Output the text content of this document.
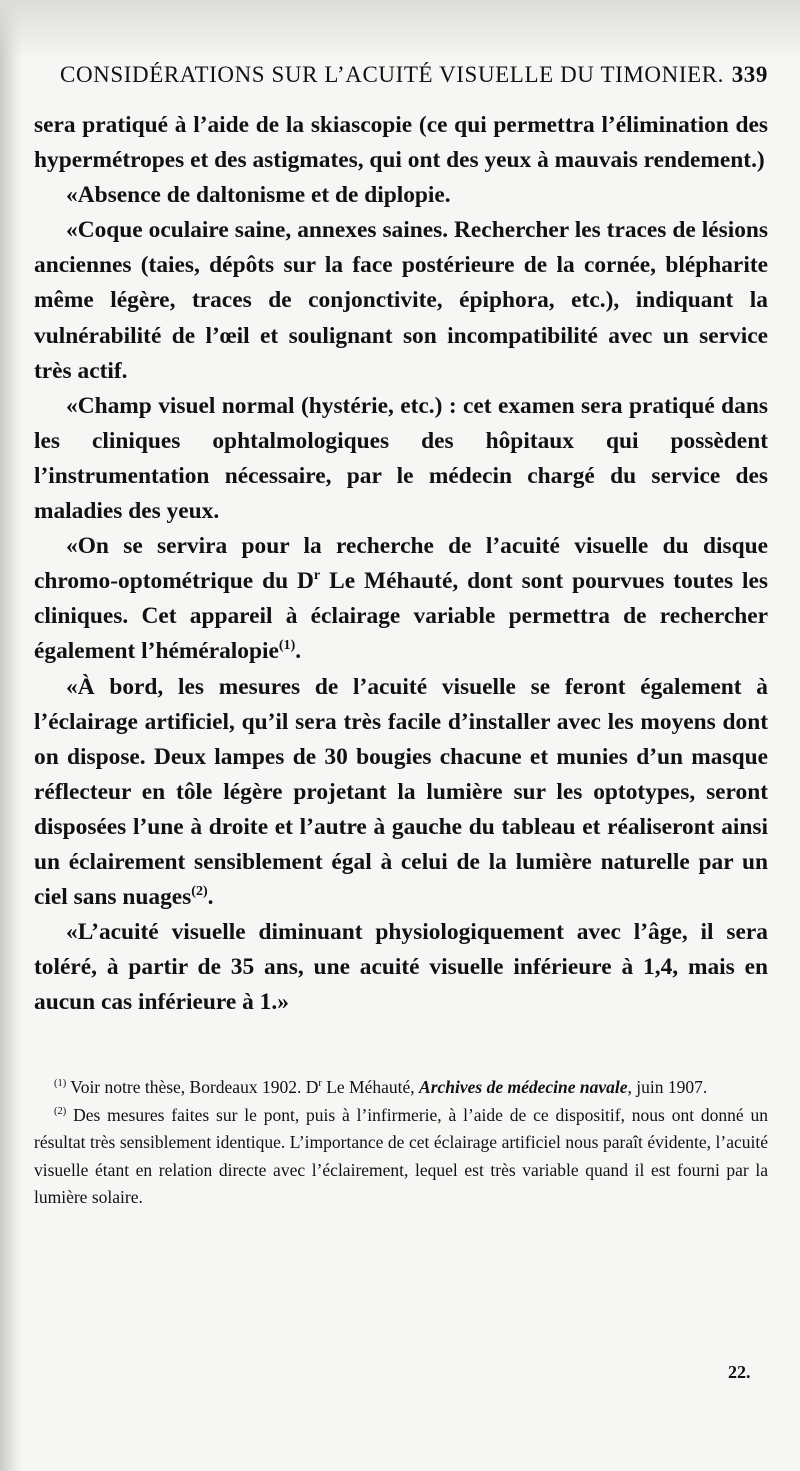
CONSIDÉRATIONS SUR L’ACUITÉ VISUELLE DU TIMONIER. 339

sera pratiqué à l’aide de la skiascopie (ce qui permettra l’élimination des hypermétropes et des astigmates, qui ont des yeux à mauvais rendement.)

«Absence de daltonisme et de diplopie.

«Coque oculaire saine, annexes saines. Rechercher les traces de lésions anciennes (taies, dépôts sur la face postérieure de la cornée, blépharite même légère, traces de conjonctivite, épiphora, etc.), indiquant la vulnérabilité de l’œil et soulignant son incompatibilité avec un service très actif.

«Champ visuel normal (hystérie, etc.) : cet examen sera pratiqué dans les cliniques ophtalmologiques des hôpitaux qui possèdent l’instrumentation nécessaire, par le médecin chargé du service des maladies des yeux.

«On se servira pour la recherche de l’acuité visuelle du disque chromo-optométrique du $D^r$ Le Méhauté, dont sont pourvues toutes les cliniques. Cet appareil à éclairage variable permettra de rechercher également l’héméralopie$^{(1)}$.

«À bord, les mesures de l’acuité visuelle se feront également à l’éclairage artificiel, qu’il sera très facile d’installer avec les moyens dont on dispose. Deux lampes de 30 bougies chacune et munies d’un masque réflecteur en tôle légère projetant la lumière sur les optotypes, seront disposées l’une à droite et l’autre à gauche du tableau et réaliseront ainsi un éclairement sensiblement égal à celui de la lumière naturelle par un ciel sans nuages$^{(2)}$.

«L’acuité visuelle diminuant physiologiquement avec l’âge, il sera toléré, à partir de 35 ans, une acuité visuelle inférieure à 1,4, mais en aucun cas inférieure à 1.»

$^{(1)}$ Voir notre thèse, Bordeaux 1902. $D^r$ Le Méhauté, Archives de médecine navale, juin 1907.

$^{(2)}$ Des mesures faites sur le pont, puis à l’infirmerie, à l’aide de ce dispositif, nous ont donné un résultat très sensiblement identique. L’importance de cet éclairage artificiel nous paraît évidente, l’acuité visuelle étant en relation directe avec l’éclairement, lequel est très variable quand il est fourni par la lumière solaire.

22.
